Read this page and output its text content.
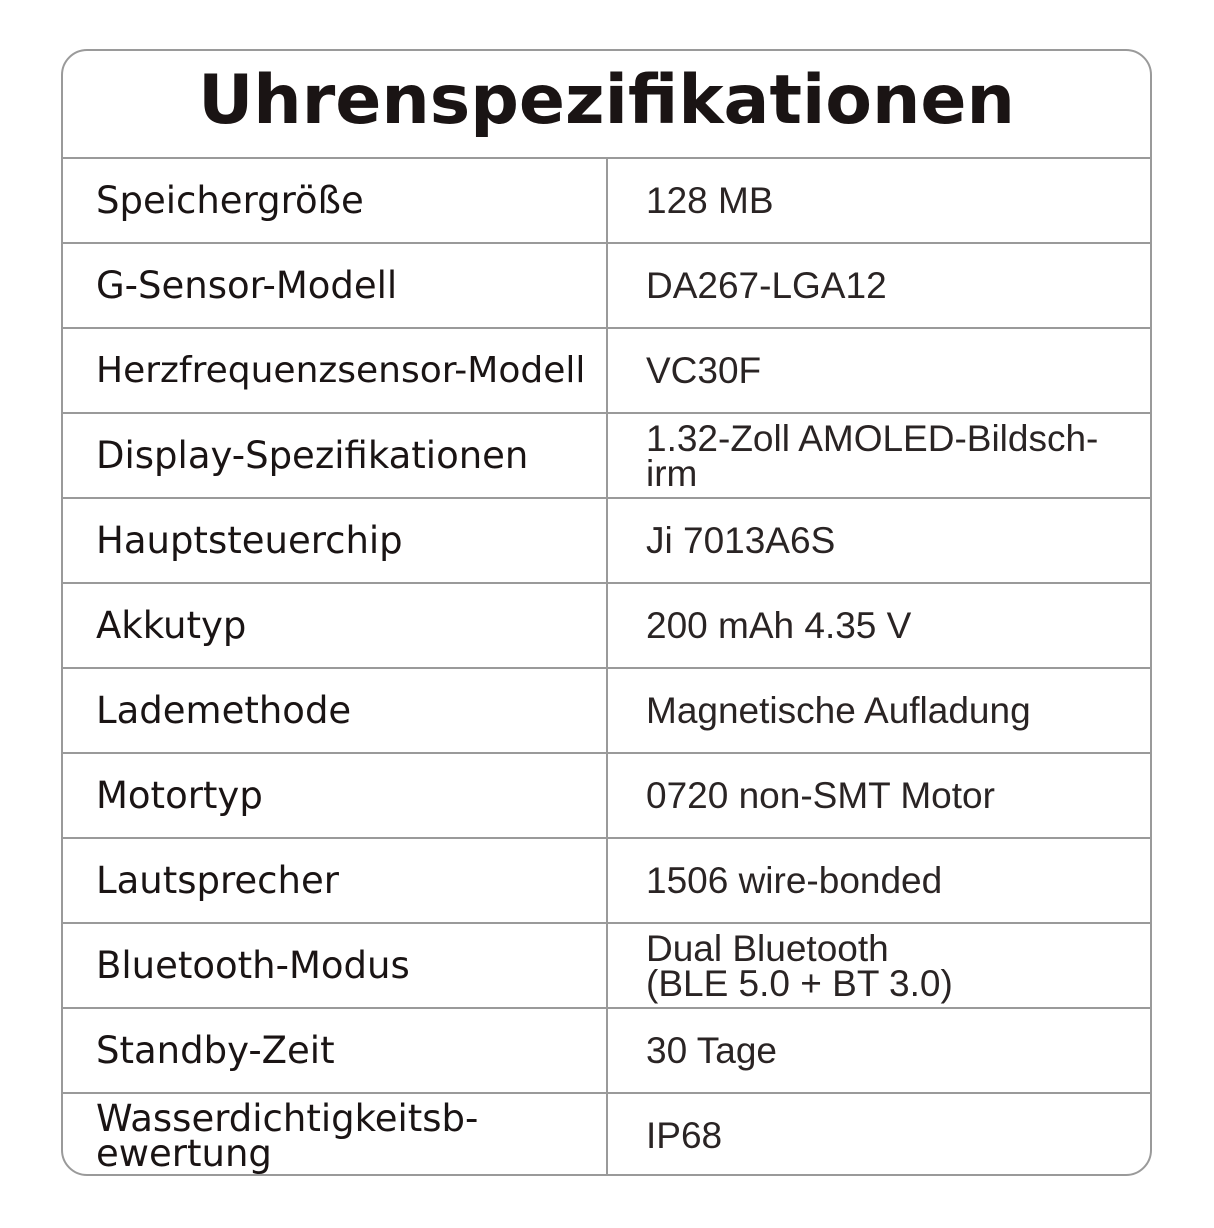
Uhrenspezifikationen
Speichergröße	128 MB
G-Sensor-Modell	DA267-LGA12
Herzfrequenzsensor-Modell	VC30F
Display-Spezifikationen	1.32-Zoll AMOLED-Bildsch-
irm
Hauptsteuerchip	Ji 7013A6S
Akkutyp	200 mAh 4.35 V
Lademethode	Magnetische Aufladung
Motortyp	0720 non-SMT Motor
Lautsprecher	1506 wire-bonded
Bluetooth-Modus	Dual Bluetooth
(BLE 5.0 + BT 3.0)
Standby-Zeit	30 Tage
Wasserdichtigkeitsb-
ewertung	IP68
